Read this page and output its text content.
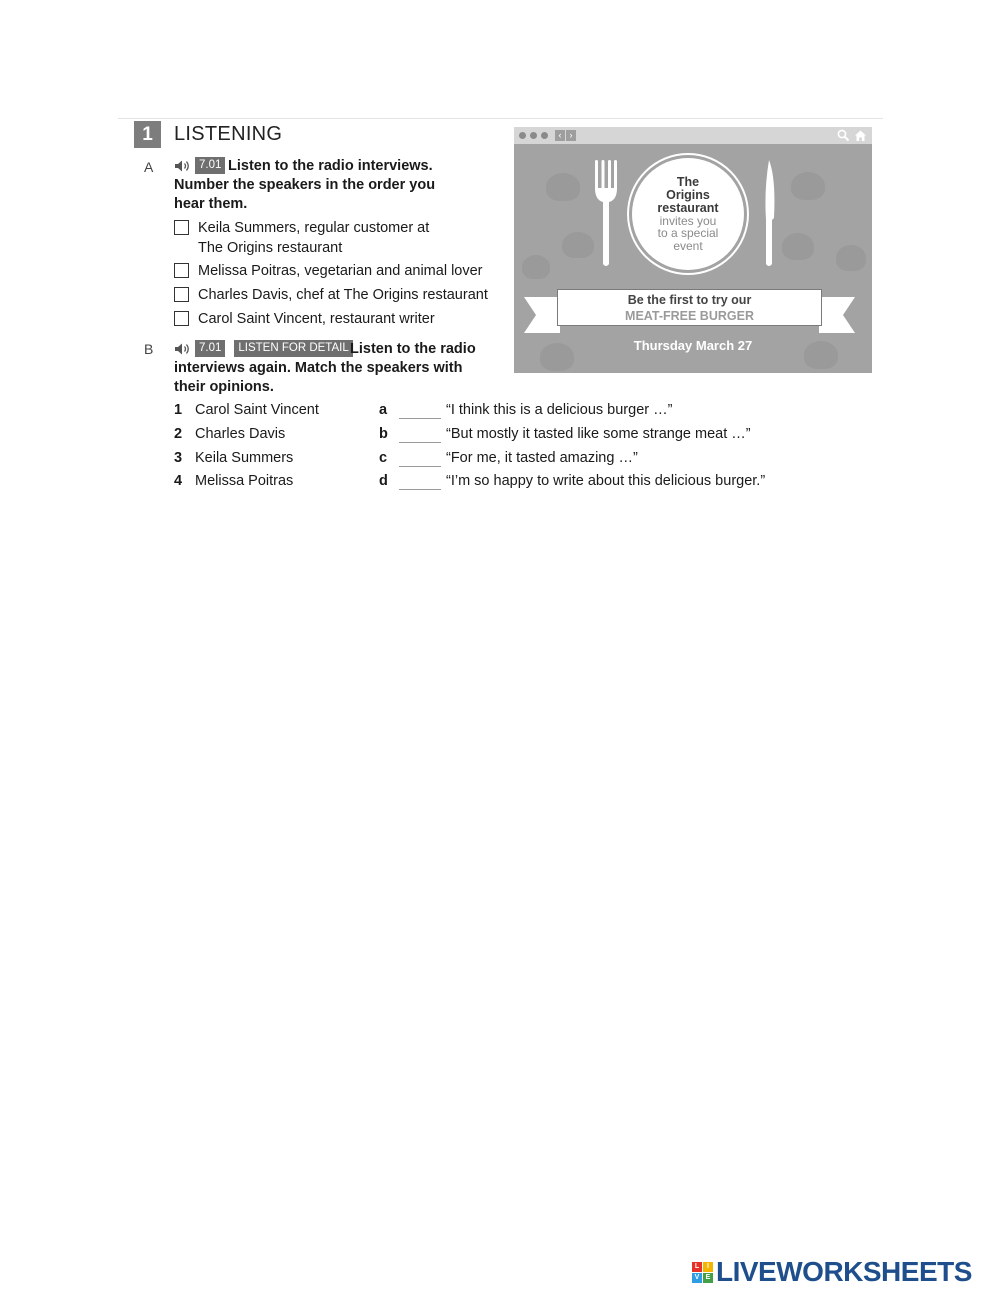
1	LISTENING
A	7.01 Listen to the radio interviews.
Number the speakers in the order you
hear them.
Keila Summers, regular customer at
The Origins restaurant
Melissa Poitras, vegetarian and animal lover
Charles Davis, chef at The Origins restaurant
Carol Saint Vincent, restaurant writer
B	7.01	LISTEN FOR DETAIL Listen to the radio
interviews again. Match the speakers with
their opinions.
1 Carol Saint Vincent	a	“I think this is a delicious burger …”
2 Charles Davis	b	“But mostly it tasted like some strange meat …”
3 Keila Summers	c	“For me, it tasted amazing …”
4 Melissa Poitras	d	“I’m so happy to write about this delicious burger.”
‹ ›
The
Origins
restaurant
invites you
to a special
event
Be the first to try our
MEAT-FREE BURGER
Thursday March 27
L	I
V E LIVEWORKSHEETS
